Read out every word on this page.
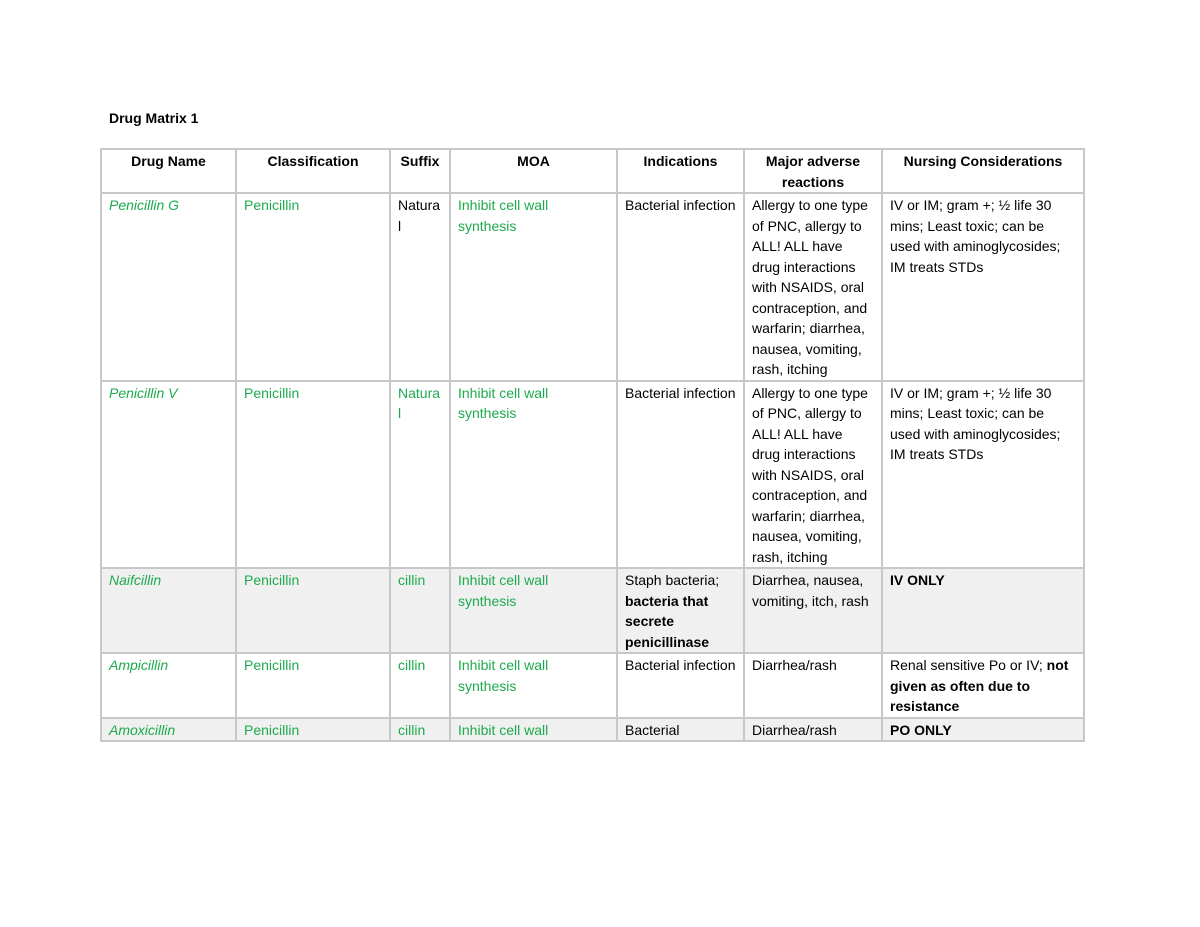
Drug Matrix 1
Drug Name	Classification	Suffix	MOA	Indications	Major adverse reactions	Nursing Considerations
Penicillin G	Penicillin	Natural	Inhibit cell wall synthesis	Bacterial infection	Allergy to one type of PNC, allergy to ALL! ALL have drug interactions with NSAIDS, oral contraception, and warfarin; diarrhea, nausea, vomiting, rash, itching	IV or IM; gram +; ½ life 30 mins; Least toxic; can be used with aminoglycosides; IM treats STDs
Penicillin V	Penicillin	Natural	Inhibit cell wall synthesis	Bacterial infection	Allergy to one type of PNC, allergy to ALL! ALL have drug interactions with NSAIDS, oral contraception, and warfarin; diarrhea, nausea, vomiting, rash, itching	IV or IM; gram +; ½ life 30 mins; Least toxic; can be used with aminoglycosides; IM treats STDs
Naifcillin	Penicillin	cillin	Inhibit cell wall synthesis	Staph bacteria; bacteria that secrete penicillinase	Diarrhea, nausea, vomiting, itch, rash	IV ONLY
Ampicillin	Penicillin	cillin	Inhibit cell wall synthesis	Bacterial infection	Diarrhea/rash	Renal sensitive Po or IV; not given as often due to resistance
Amoxicillin	Penicillin	cillin	Inhibit cell wall	Bacterial	Diarrhea/rash	PO ONLY
